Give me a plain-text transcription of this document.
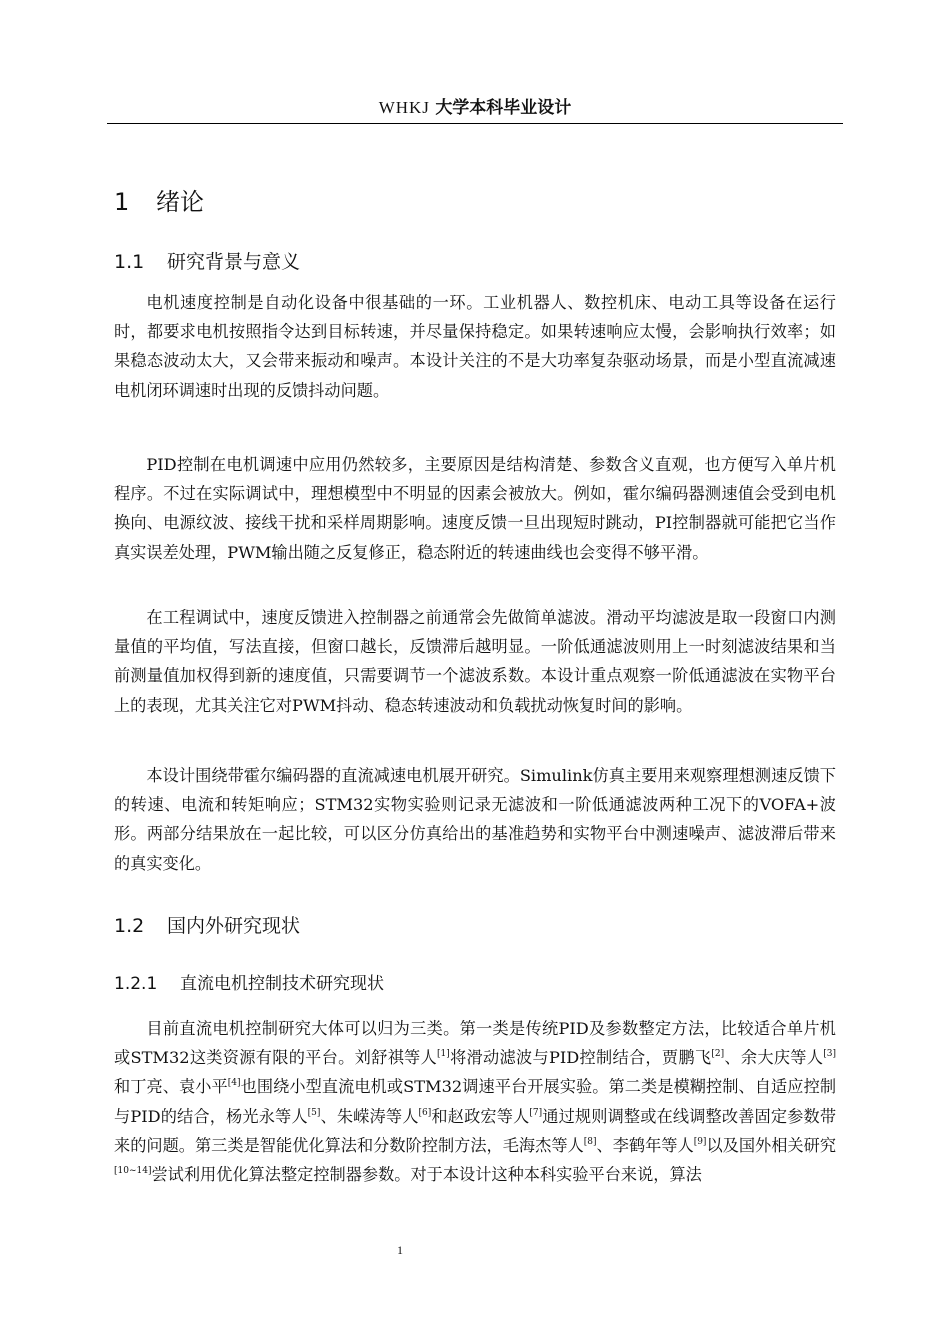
WHKJ 大学本科毕业设计
1 绪论
1.1 研究背景与意义

电机速度控制是自动化设备中很基础的一环。工业机器人、数控机床、电动工具等设备在运行时，都要求电机按照指令达到目标转速，并尽量保持稳定。如果转速响应太慢，会影响执行效率；如果稳态波动太大，又会带来振动和噪声。本设计关注的不是大功率复杂驱动场景，而是小型直流减速电机闭环调速时出现的反馈抖动问题。

PID控制在电机调速中应用仍然较多，主要原因是结构清楚、参数含义直观，也方便写入单片机程序。不过在实际调试中，理想模型中不明显的因素会被放大。例如，霍尔编码器测速值会受到电机换向、电源纹波、接线干扰和采样周期影响。速度反馈一旦出现短时跳动，PI控制器就可能把它当作真实误差处理，PWM输出随之反复修正，稳态附近的转速曲线也会变得不够平滑。

在工程调试中，速度反馈进入控制器之前通常会先做简单滤波。滑动平均滤波是取一段窗口内测量值的平均值，写法直接，但窗口越长，反馈滞后越明显。一阶低通滤波则用上一时刻滤波结果和当前测量值加权得到新的速度值，只需要调节一个滤波系数。本设计重点观察一阶低通滤波在实物平台上的表现，尤其关注它对PWM抖动、稳态转速波动和负载扰动恢复时间的影响。

本设计围绕带霍尔编码器的直流减速电机展开研究。Simulink仿真主要用来观察理想测速反馈下的转速、电流和转矩响应；STM32实物实验则记录无滤波和一阶低通滤波两种工况下的VOFA+波形。两部分结果放在一起比较，可以区分仿真给出的基准趋势和实物平台中测速噪声、滤波滞后带来的真实变化。

1.2 国内外研究现状
1.2.1 直流电机控制技术研究现状

目前直流电机控制研究大体可以归为三类。第一类是传统PID及参数整定方法，比较适合单片机或STM32这类资源有限的平台。刘舒祺等人[1]将滑动滤波与PID控制结合，贾鹏飞[2]、余大庆等人[3]和丁亮、袁小平[4]也围绕小型直流电机或STM32调速平台开展实验。第二类是模糊控制、自适应控制与PID的结合，杨光永等人[5]、朱嵘涛等人[6]和赵政宏等人[7]通过规则调整或在线调整改善固定参数带来的问题。第三类是智能优化算法和分数阶控制方法，毛海杰等人[8]、李鹤年等人[9]以及国外相关研究[10~14]尝试利用优化算法整定控制器参数。对于本设计这种本科实验平台来说，算法

1
